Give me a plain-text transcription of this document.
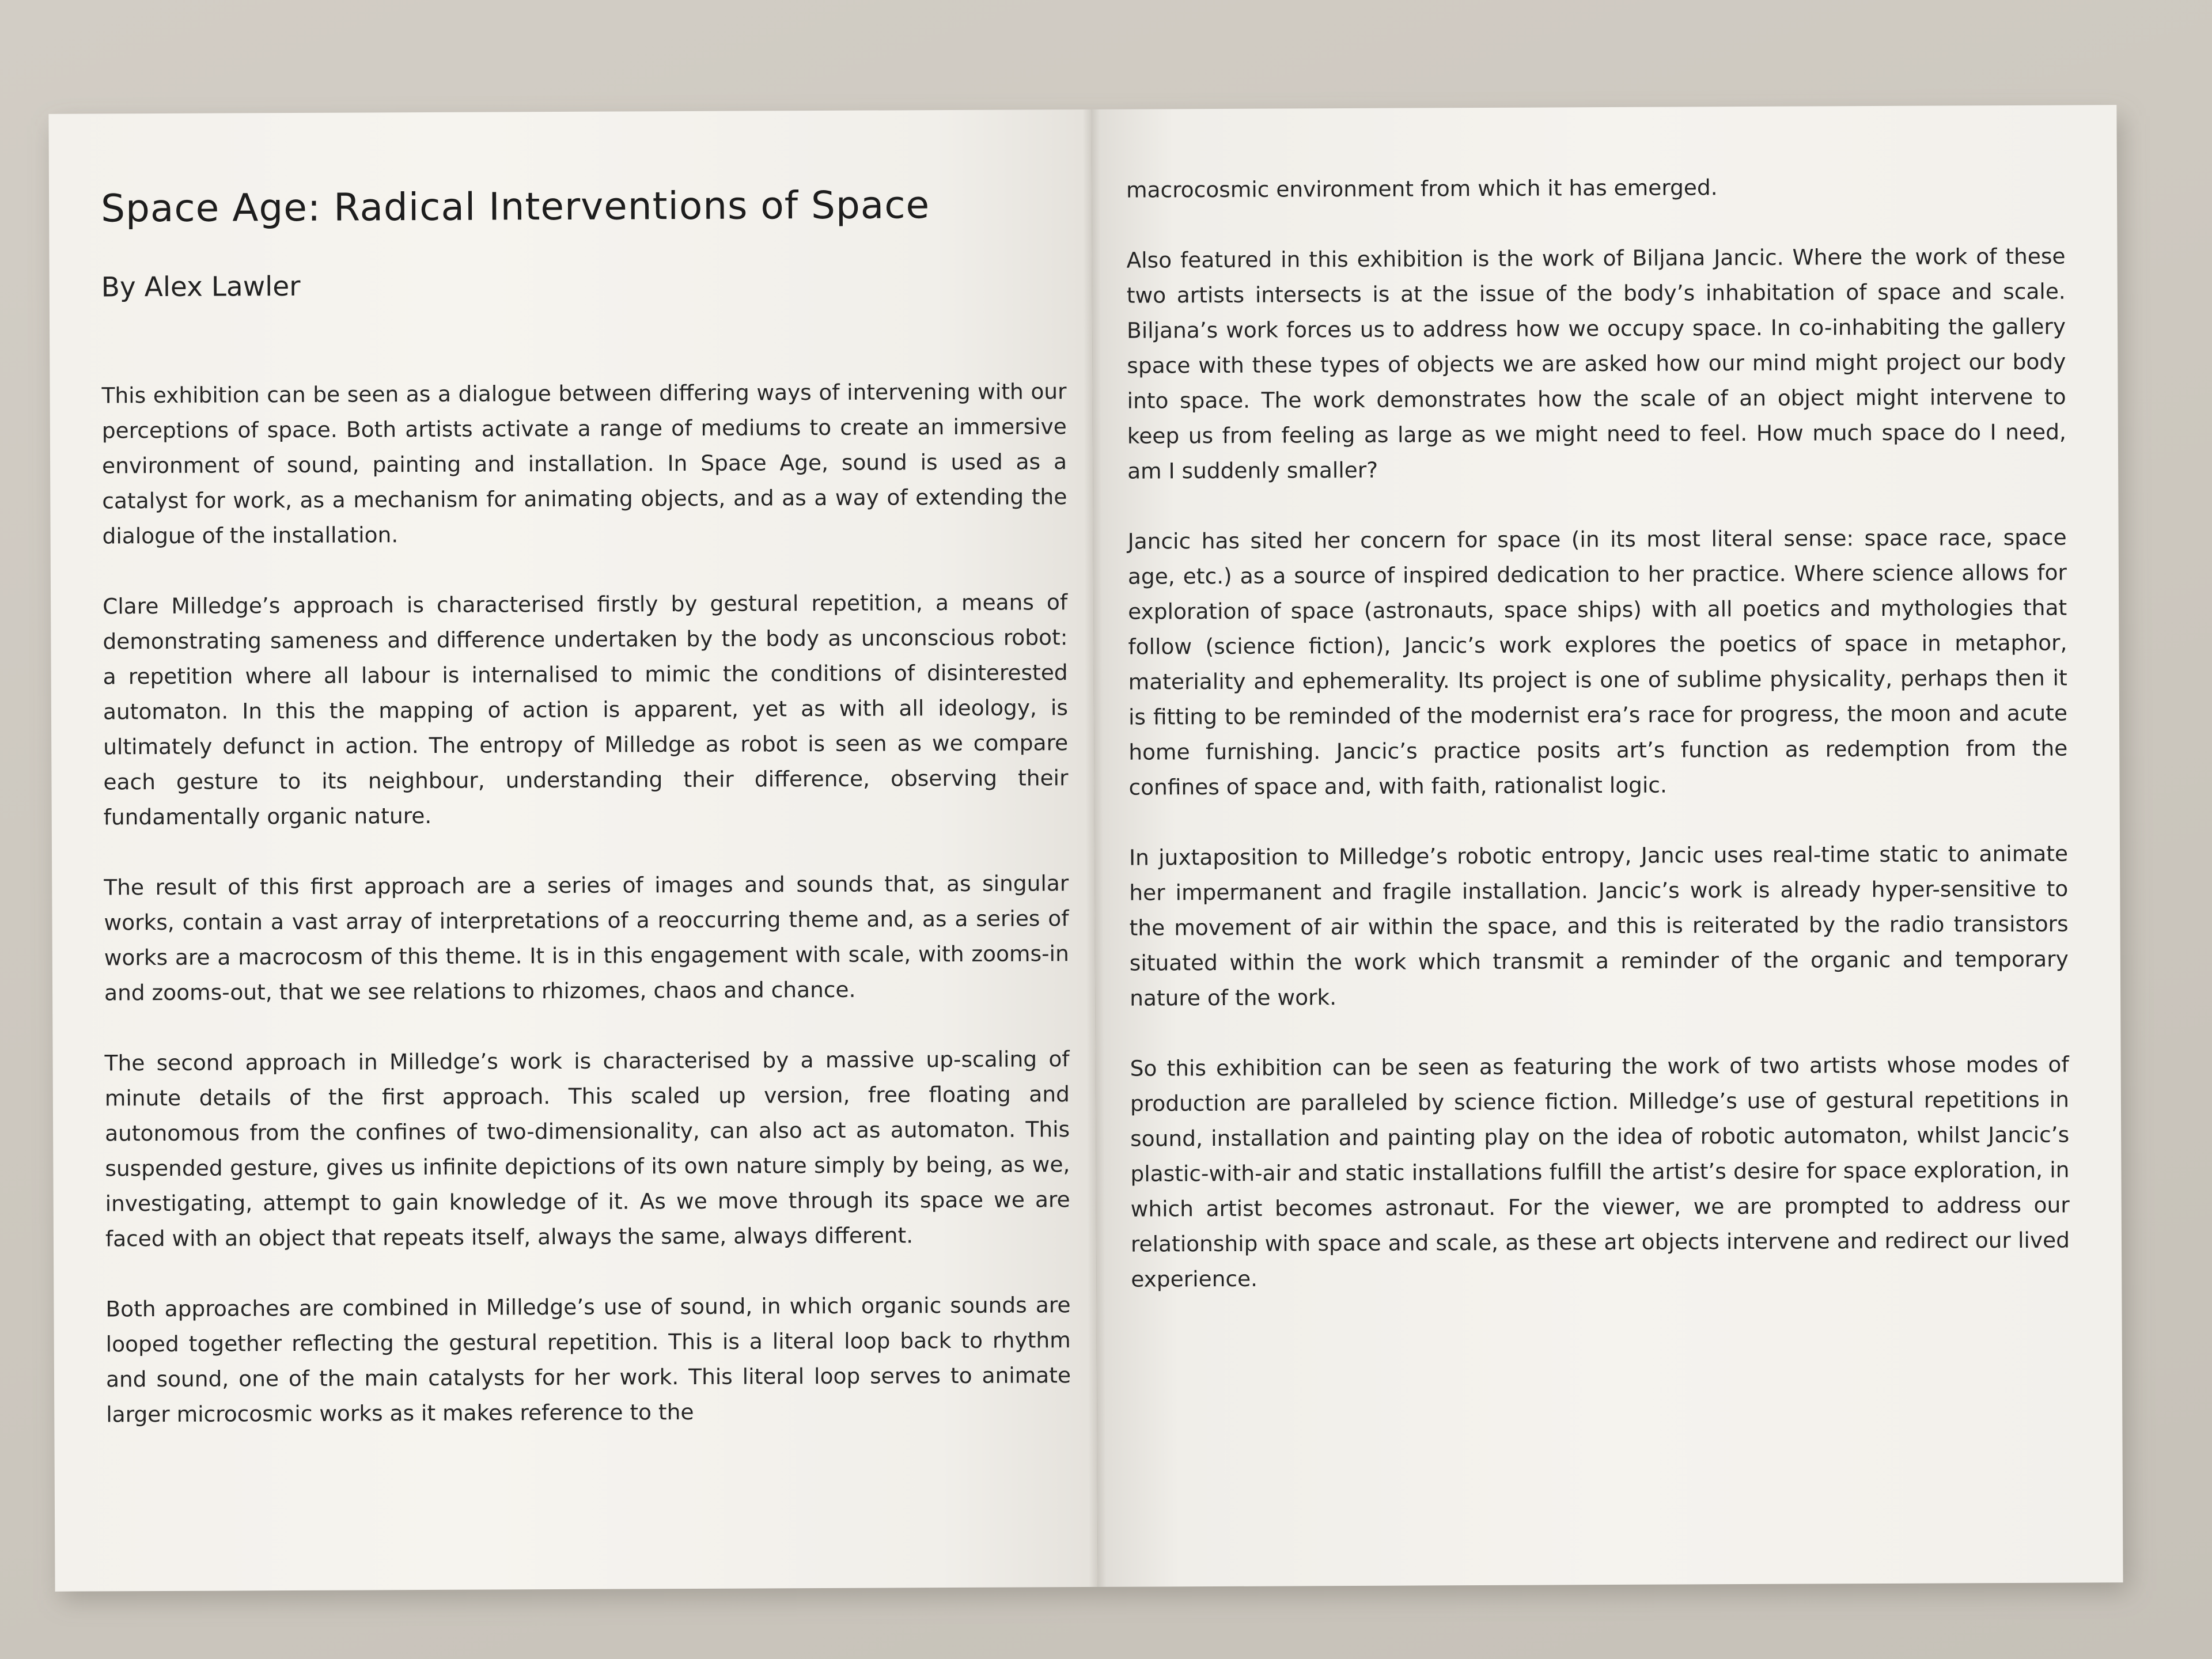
Space Age: Radical Interventions of Space
By Alex Lawler

This exhibition can be seen as a dialogue between differing ways of intervening with our perceptions of space. Both artists activate a range of mediums to create an immersive environment of sound, painting and installation. In Space Age, sound is used as a catalyst for work, as a mechanism for animating objects, and as a way of extending the dialogue of the installation.

Clare Milledge’s approach is characterised firstly by gestural repetition, a means of demonstrating sameness and difference undertaken by the body as unconscious robot: a repetition where all labour is internalised to mimic the conditions of disinterested automaton. In this the mapping of action is apparent, yet as with all ideology, is ultimately defunct in action. The entropy of Milledge as robot is seen as we compare each gesture to its neighbour, understanding their difference, observing their fundamentally organic nature.

The result of this first approach are a series of images and sounds that, as singular works, contain a vast array of interpretations of a reoccurring theme and, as a series of works are a macrocosm of this theme. It is in this engagement with scale, with zooms-in and zooms-out, that we see relations to rhizomes, chaos and chance.

The second approach in Milledge’s work is characterised by a massive up-scaling of minute details of the first approach. This scaled up version, free floating and autonomous from the confines of two-dimensionality, can also act as automaton. This suspended gesture, gives us infinite depictions of its own nature simply by being, as we, investigating, attempt to gain knowledge of it. As we move through its space we are faced with an object that repeats itself, always the same, always different.

Both approaches are combined in Milledge’s use of sound, in which organic sounds are looped together reflecting the gestural repetition. This is a literal loop back to rhythm and sound, one of the main catalysts for her work. This literal loop serves to animate larger microcosmic works as it makes reference to the

macrocosmic environment from which it has emerged.

Also featured in this exhibition is the work of Biljana Jancic. Where the work of these two artists intersects is at the issue of the body’s inhabitation of space and scale. Biljana’s work forces us to address how we occupy space. In co-inhabiting the gallery space with these types of objects we are asked how our mind might project our body into space. The work demonstrates how the scale of an object might intervene to keep us from feeling as large as we might need to feel. How much space do I need, am I suddenly smaller?

Jancic has sited her concern for space (in its most literal sense: space race, space age, etc.) as a source of inspired dedication to her practice. Where science allows for exploration of space (astronauts, space ships) with all poetics and mythologies that follow (science fiction), Jancic’s work explores the poetics of space in metaphor, materiality and ephemerality. Its project is one of sublime physicality, perhaps then it is fitting to be reminded of the modernist era’s race for progress, the moon and acute home furnishing. Jancic’s practice posits art’s function as redemption from the confines of space and, with faith, rationalist logic.

In juxtaposition to Milledge’s robotic entropy, Jancic uses real-time static to animate her impermanent and fragile installation. Jancic’s work is already hyper-sensitive to the movement of air within the space, and this is reiterated by the radio transistors situated within the work which transmit a reminder of the organic and temporary nature of the work.

So this exhibition can be seen as featuring the work of two artists whose modes of production are paralleled by science fiction. Milledge’s use of gestural repetitions in sound, installation and painting play on the idea of robotic automaton, whilst Jancic’s plastic-with-air and static installations fulfill the artist’s desire for space exploration, in which artist becomes astronaut. For the viewer, we are prompted to address our relationship with space and scale, as these art objects intervene and redirect our lived experience.
